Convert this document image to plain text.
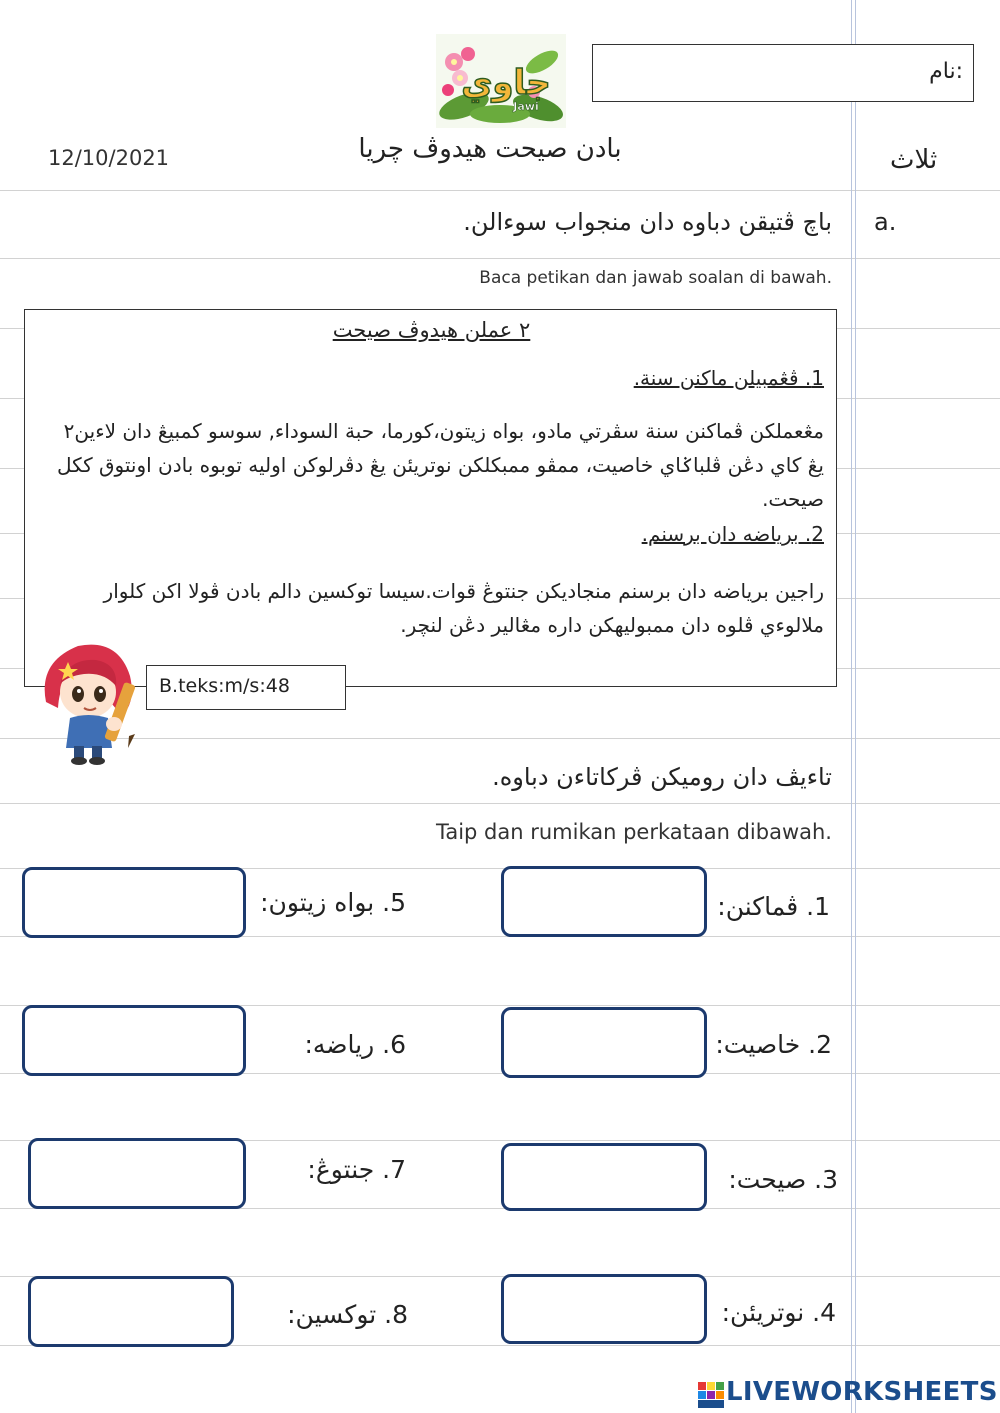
نام:
جاوي
Jawi
12/10/2021	بادن صيحت هيدوڤ چريا	ثلاث
a.
باچ ڤتيقن دباوه دان منجواب سوءالن.
Baca petikan dan jawab soalan di bawah.
٢ عملن هيدوڤ صيحت
1. ڤڠمبيلن ماكنن سنة.
مڠعملكن ڤماكنن سنة سڤرتي مادو، بواه زيتون،كورما، حبة السوداء, سوسو كمبيڠ دان لاءين٢ يڠ كاي دڠن ڤلباݢاي خاصيت، ممڤو ممبكلكن نوتريئن يڠ دڤرلوكن اوليه توبوه بادن اونتوق ككل صيحت.
2. برياضه دان برسنم.
راجين برياضه دان برسنم منجاديكن جنتوڠ قوات.سيسا توكسين دالم بادن ڤولا اكن كلوار ملالوءي ڤلوه دان ممبوليهكن داره مڠالير دڠن لنچر.
B.teks:m/s:48
تاءيڤ دان روميكن ڤركاتاءن دباوه.
Taip dan rumikan perkataan dibawah.
1. ڤماكنن:
2. خاصيت:
3. صيحت:
4. نوتريئن:
5. بواه زيتون:
6. رياضه:
7. جنتوڠ:
8. توكسين:
LIVEWORKSHEETS
